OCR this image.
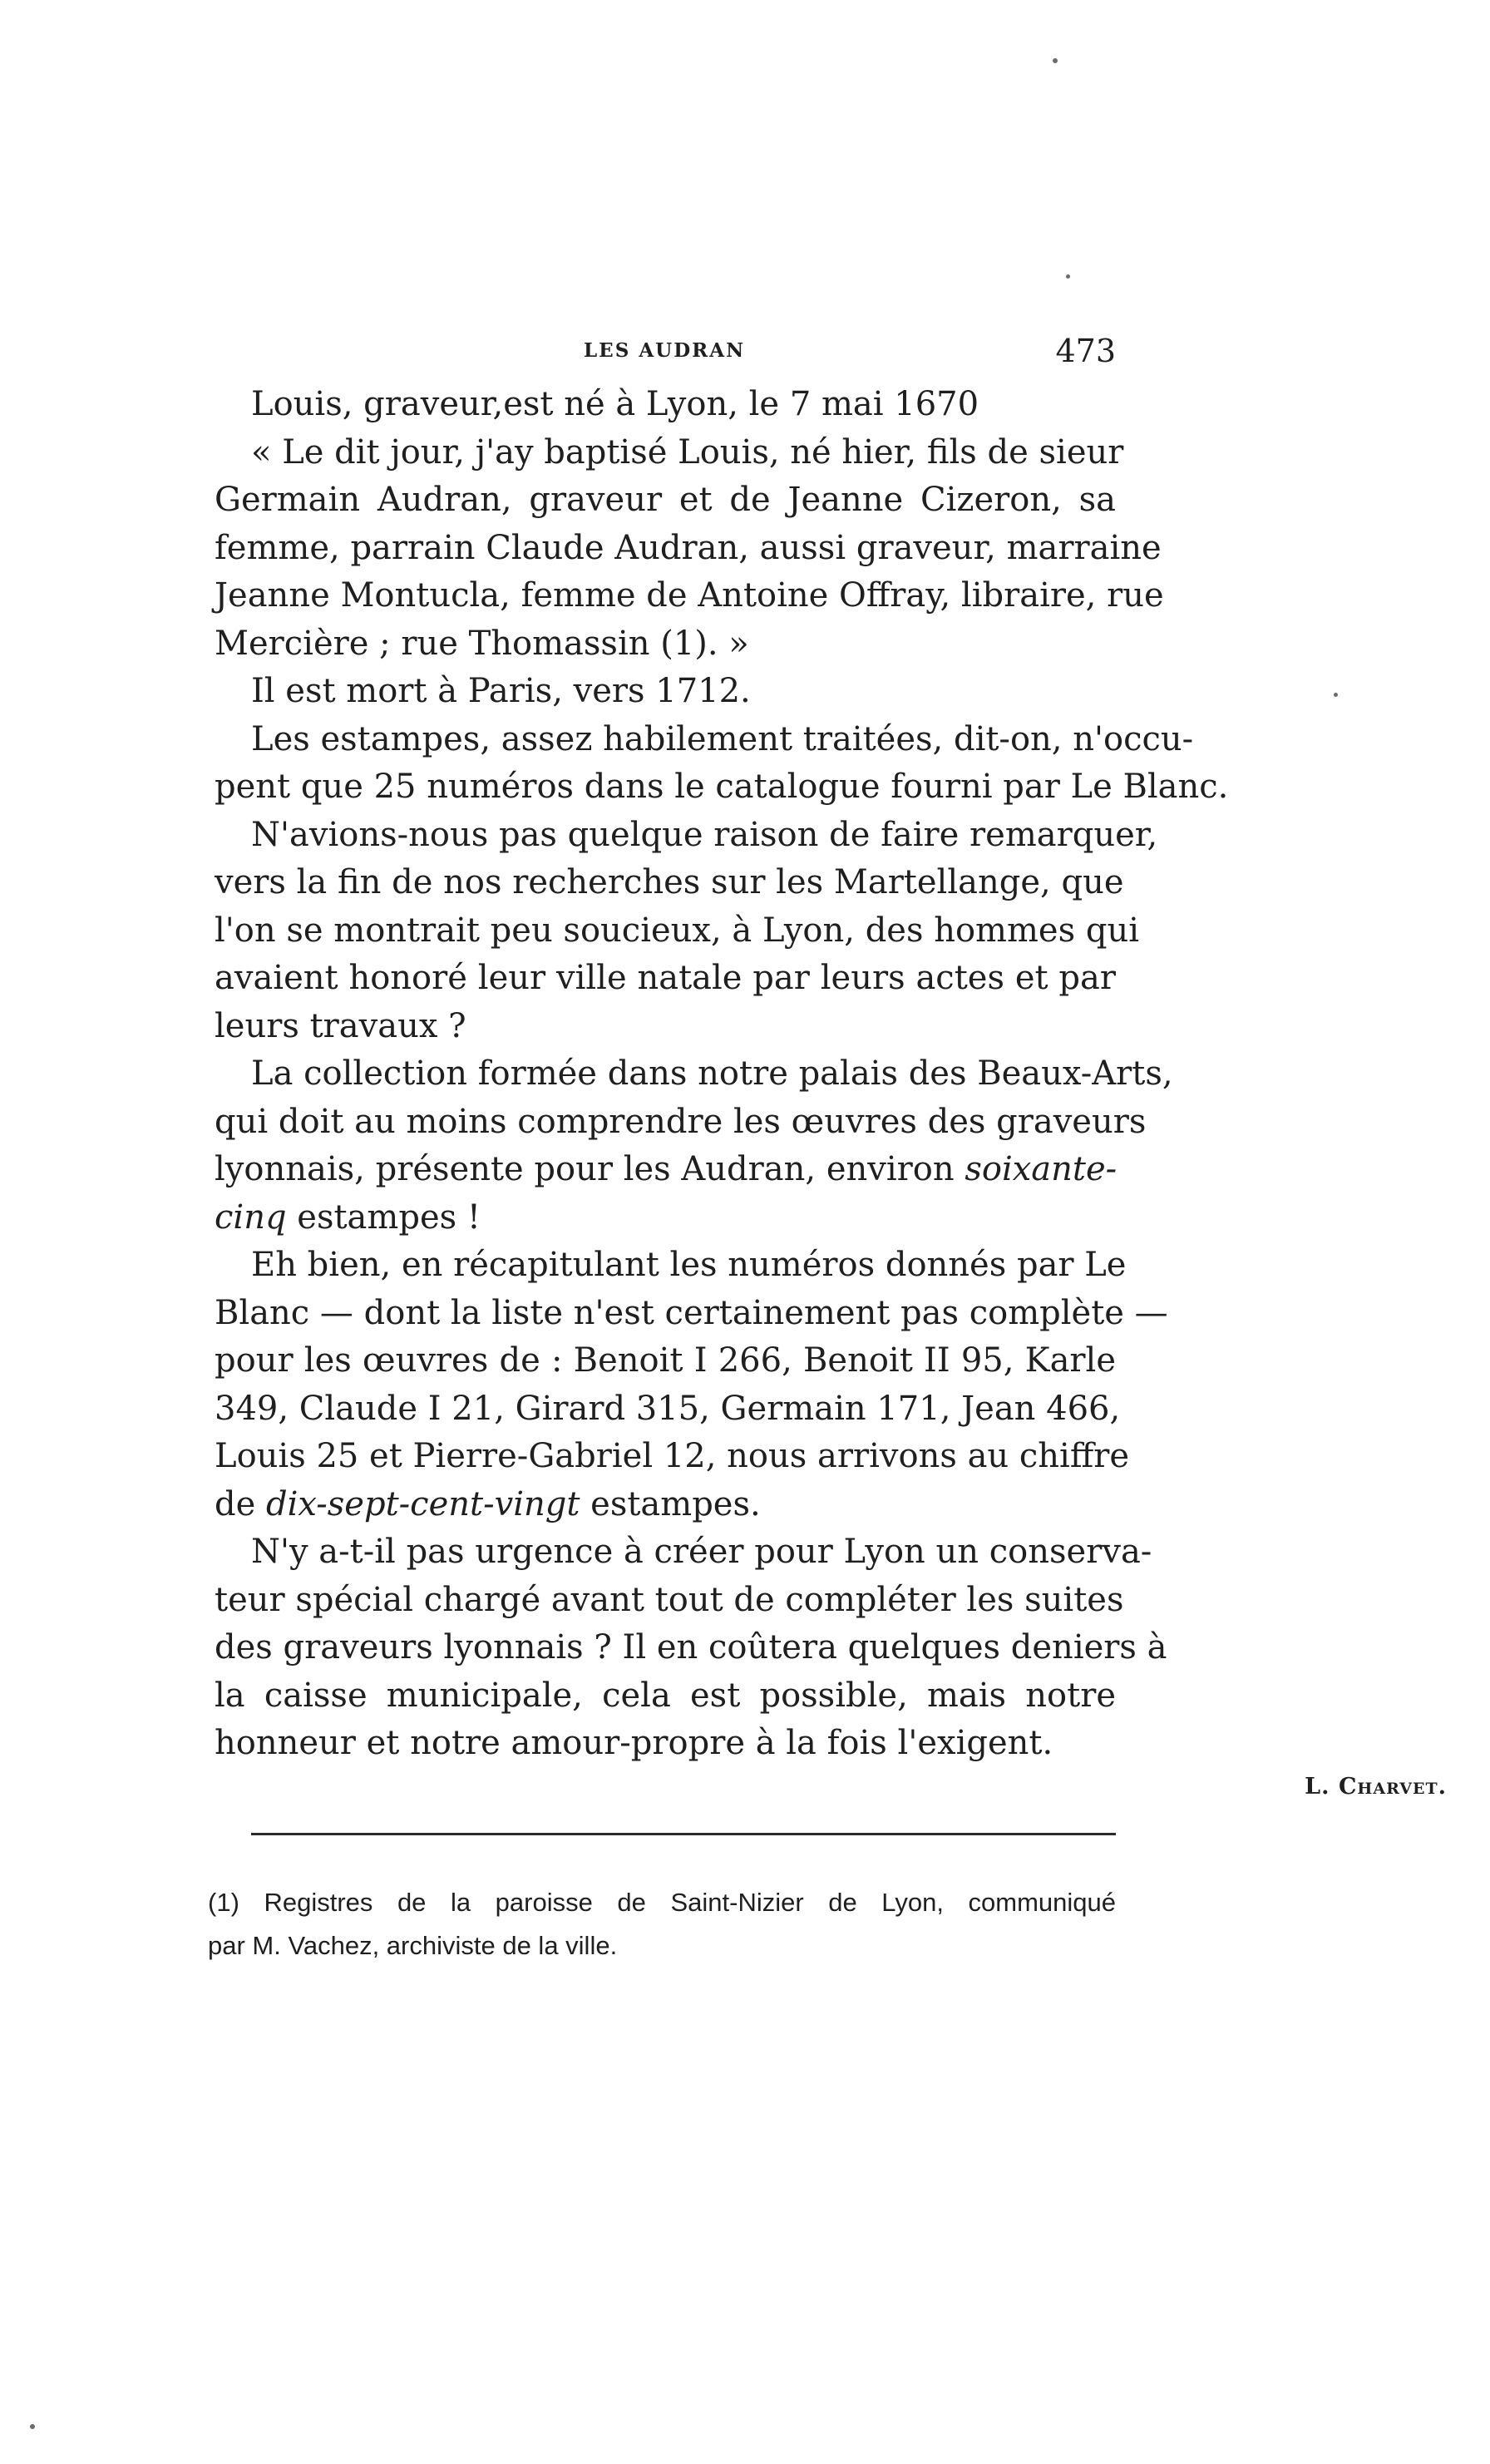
LES AUDRAN	473
Louis, graveur,est né à Lyon, le 7 mai 1670
« Le dit jour, j'ay baptisé Louis, né hier, fils de sieur
Germain Audran, graveur et de Jeanne Cizeron, sa
femme, parrain Claude Audran, aussi graveur, marraine
Jeanne Montucla, femme de Antoine Offray, libraire, rue
Mercière ; rue Thomassin (1). »
Il est mort à Paris, vers 1712.
Les estampes, assez habilement traitées, dit-on, n'occu-
pent que 25 numéros dans le catalogue fourni par Le Blanc.
N'avions-nous pas quelque raison de faire remarquer,
vers la fin de nos recherches sur les Martellange, que
l'on se montrait peu soucieux, à Lyon, des hommes qui
avaient honoré leur ville natale par leurs actes et par
leurs travaux ?
La collection formée dans notre palais des Beaux-Arts,
qui doit au moins comprendre les œuvres des graveurs
lyonnais, présente pour les Audran, environ soixante-
cinq estampes !
Eh bien, en récapitulant les numéros donnés par Le
Blanc — dont la liste n'est certainement pas complète —
pour les œuvres de : Benoit I 266, Benoit II 95, Karle
349, Claude I 21, Girard 315, Germain 171, Jean 466,
Louis 25 et Pierre-Gabriel 12, nous arrivons au chiffre
de dix-sept-cent-vingt estampes.
N'y a-t-il pas urgence à créer pour Lyon un conserva-
teur spécial chargé avant tout de compléter les suites
des graveurs lyonnais ? Il en coûtera quelques deniers à
la caisse municipale, cela est possible, mais notre
honneur et notre amour-propre à la fois l'exigent.
L. Charvet.
(1) Registres de la paroisse de Saint-Nizier de Lyon, communiqué
par M. Vachez, archiviste de la ville.
